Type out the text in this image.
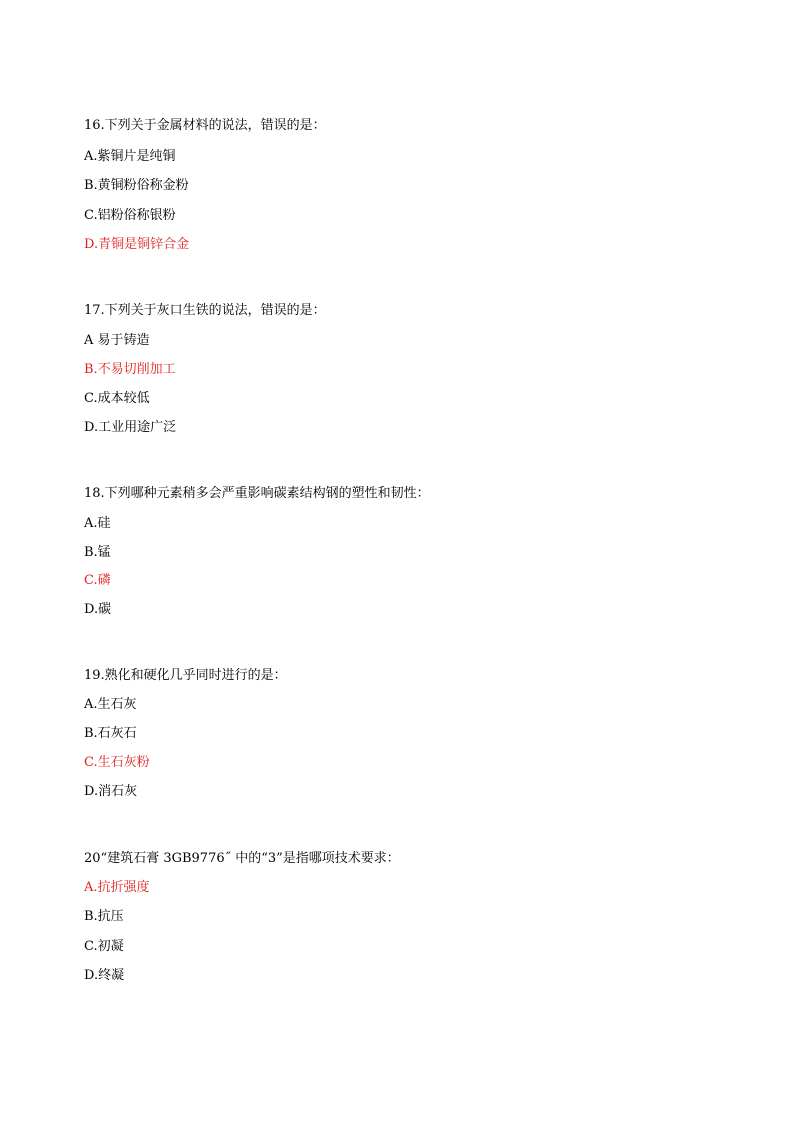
16.下列关于金属材料的说法，错误的是：
A.紫铜片是纯铜
B.黄铜粉俗称金粉
C.铝粉俗称银粉
D.青铜是铜锌合金
17.下列关于灰口生铁的说法，错误的是：
A 易于铸造
B.不易切削加工
C.成本较低
D.工业用途广泛
18.下列哪种元素稍多会严重影响碳素结构钢的塑性和韧性：
A.硅
B.锰
C.磷
D.碳
19.熟化和硬化几乎同时进行的是：
A.生石灰
B.石灰石
C.生石灰粉
D.消石灰
20“建筑石膏 3GB9776˝ 中的“3”是指哪项技术要求：
A.抗折强度
B.抗压
C.初凝
D.终凝
